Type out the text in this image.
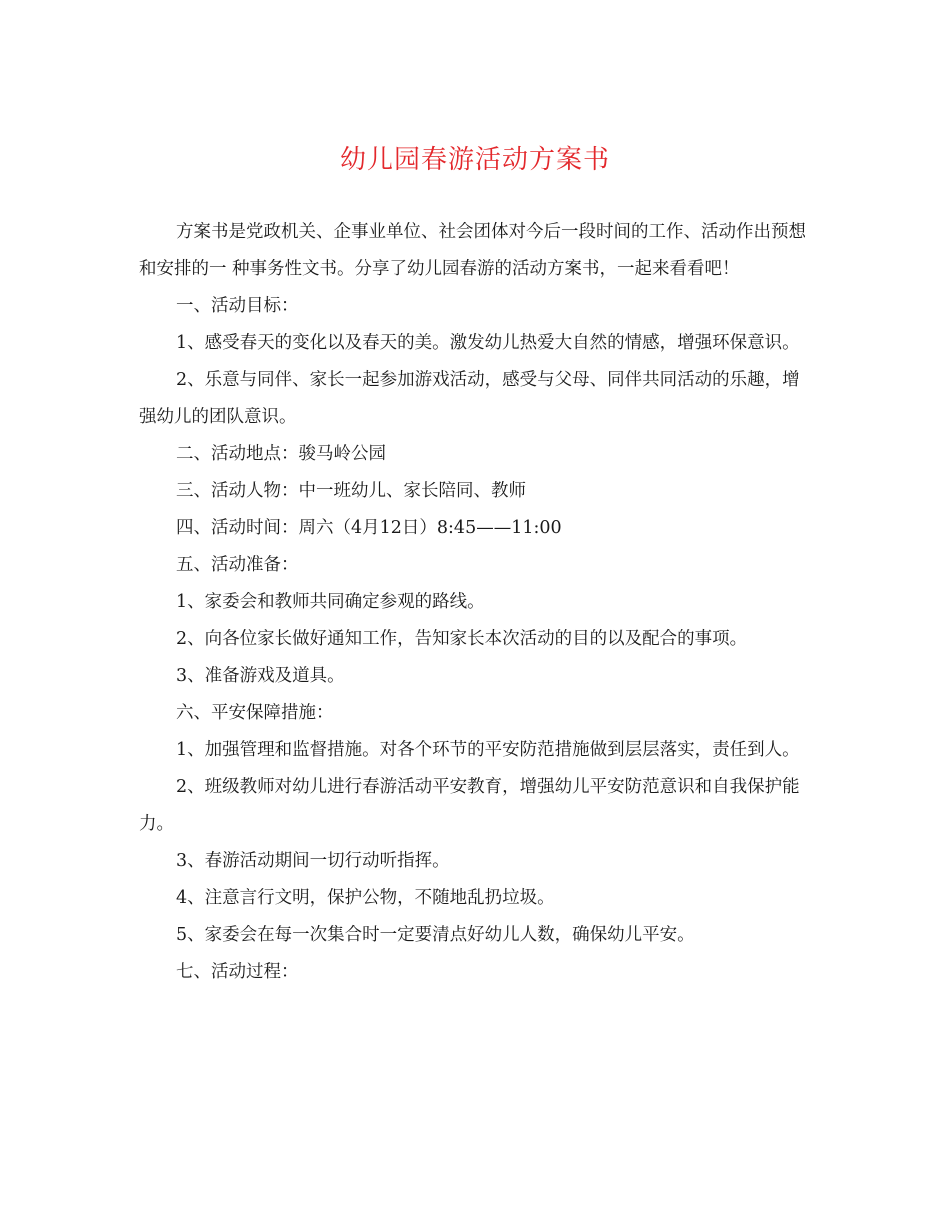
幼儿园春游活动方案书

方案书是党政机关、企事业单位、社会团体对今后一段时间的工作、活动作出预想和安排的一 种事务性文书。分享了幼儿园春游的活动方案书，一起来看看吧！

一、活动目标：

1、感受春天的变化以及春天的美。激发幼儿热爱大自然的情感，增强环保意识。

2、乐意与同伴、家长一起参加游戏活动，感受与父母、同伴共同活动的乐趣，增强幼儿的团队意识。

二、活动地点：骏马岭公园

三、活动人物：中一班幼儿、家长陪同、教师

四、活动时间：周六（4月12日）8:45——11:00

五、活动准备：

1、家委会和教师共同确定参观的路线。

2、向各位家长做好通知工作，告知家长本次活动的目的以及配合的事项。

3、准备游戏及道具。

六、平安保障措施：

1、加强管理和监督措施。对各个环节的平安防范措施做到层层落实，责任到人。

2、班级教师对幼儿进行春游活动平安教育，增强幼儿平安防范意识和自我保护能力。

3、春游活动期间一切行动听指挥。

4、注意言行文明，保护公物，不随地乱扔垃圾。

5、家委会在每一次集合时一定要清点好幼儿人数，确保幼儿平安。

七、活动过程：
